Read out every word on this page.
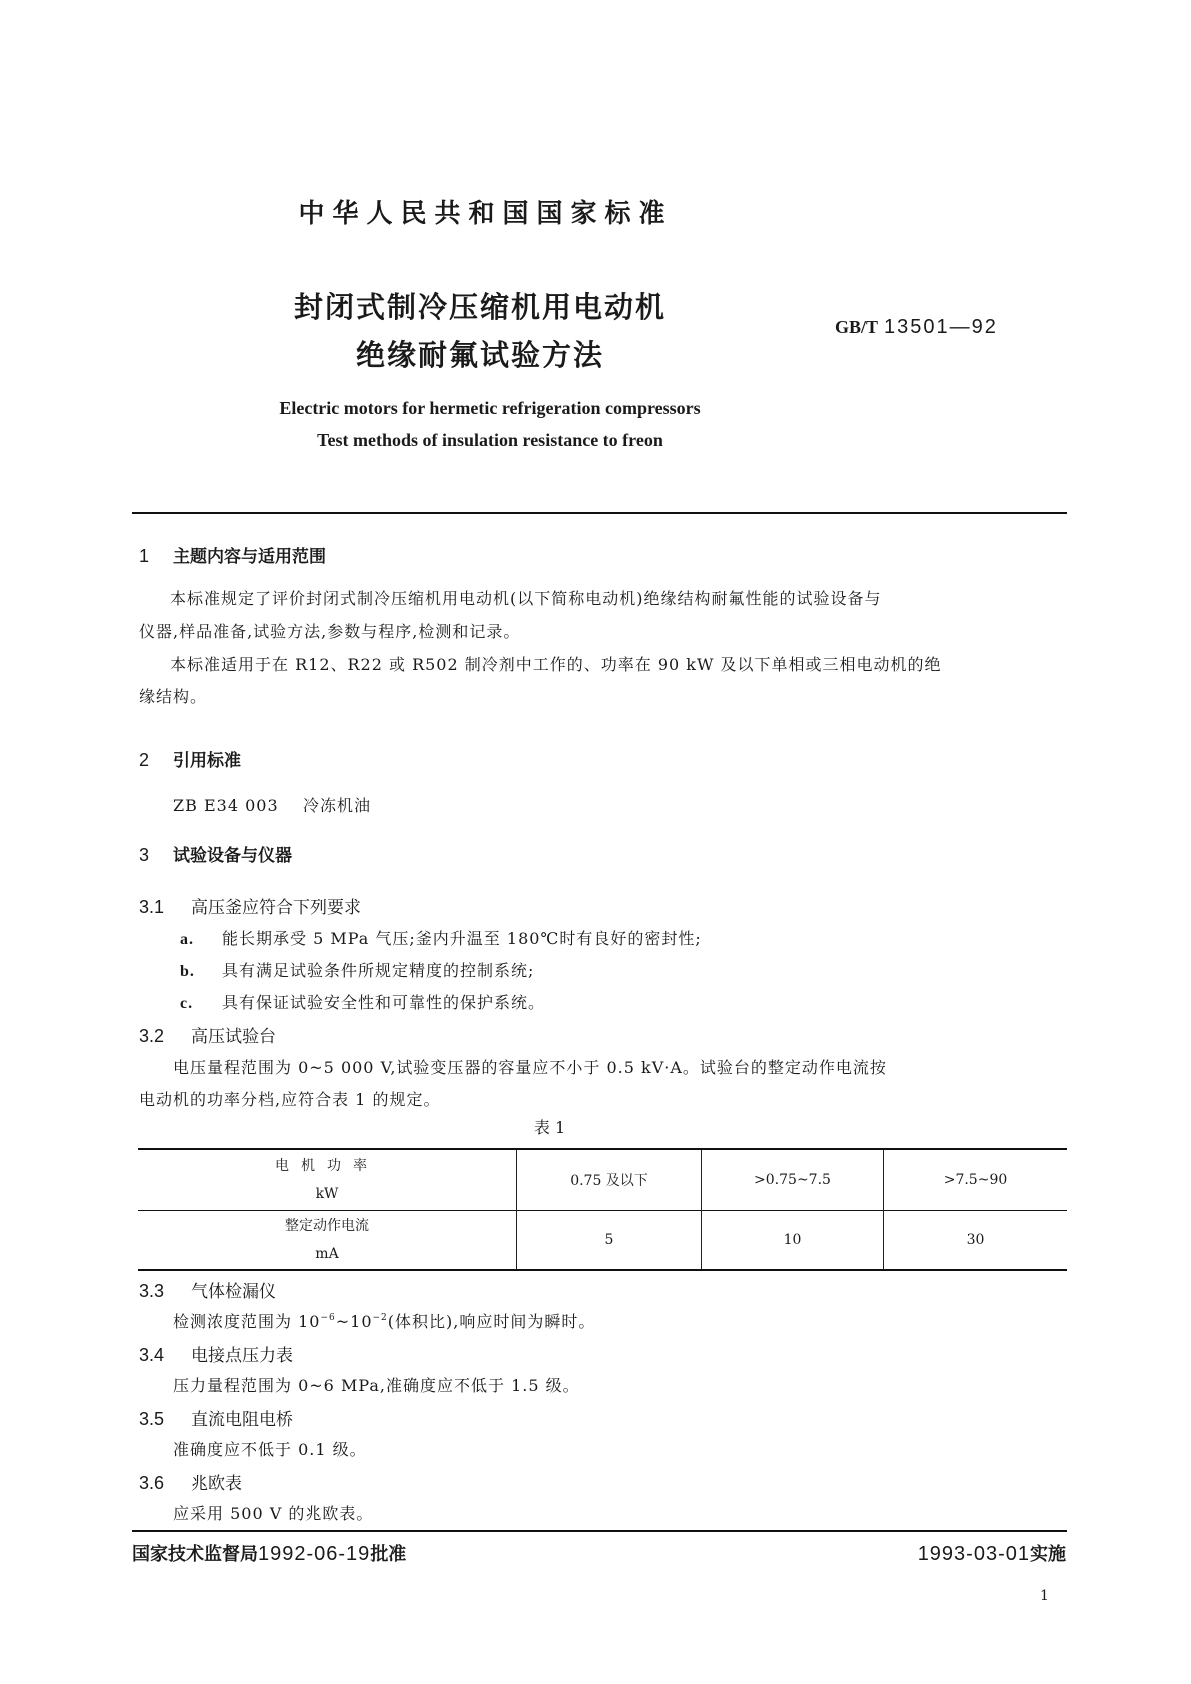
中华人民共和国国家标准
封闭式制冷压缩机用电动机
绝缘耐氟试验方法
GB/T 13501—92
Electric motors for hermetic refrigeration compressors
Test methods of insulation resistance to freon
1 主题内容与适用范围
本标准规定了评价封闭式制冷压缩机用电动机(以下简称电动机)绝缘结构耐氟性能的试验设备与
仪器,样品准备,试验方法,参数与程序,检测和记录。
本标准适用于在 R12、R22 或 R502 制冷剂中工作的、功率在 90 kW 及以下单相或三相电动机的绝
缘结构。
2 引用标准
ZB E34 003 冷冻机油
3 试验设备与仪器
3.1 高压釜应符合下列要求
a. 能长期承受 5 MPa 气压;釜内升温至 180℃时有良好的密封性;
b. 具有满足试验条件所规定精度的控制系统;
c. 具有保证试验安全性和可靠性的保护系统。
3.2 高压试验台
电压量程范围为 0~5 000 V,试验变压器的容量应不小于 0.5 kV·A。试验台的整定动作电流按
电动机的功率分档,应符合表 1 的规定。
表 1
电机功率
kW	0.75 及以下	>0.75~7.5	>7.5~90

整定动作电流
mA	5	10	30
3.3 气体检漏仪
检测浓度范围为 $10^{-6}\sim 10^{-2}$(体积比),响应时间为瞬时。
3.4 电接点压力表
压力量程范围为 0~6 MPa,准确度应不低于 1.5 级。
3.5 直流电阻电桥
准确度应不低于 0.1 级。
3.6 兆欧表
应采用 500 V 的兆欧表。
国家技术监督局1992-06-19批准	1993-03-01实施
1
